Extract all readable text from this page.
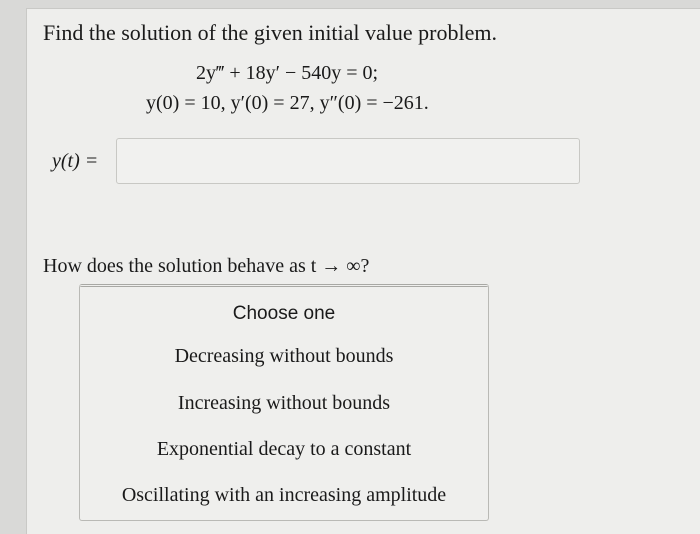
Find the solution of the given initial value problem.
2y‴ + 18y′ − 540y = 0;
y(0) = 10, y′(0) = 27, y″(0) = −261.
y(t) =
How does the solution behave as t → ∞?
Choose one
Decreasing without bounds
Increasing without bounds
Exponential decay to a constant
Oscillating with an increasing amplitude
